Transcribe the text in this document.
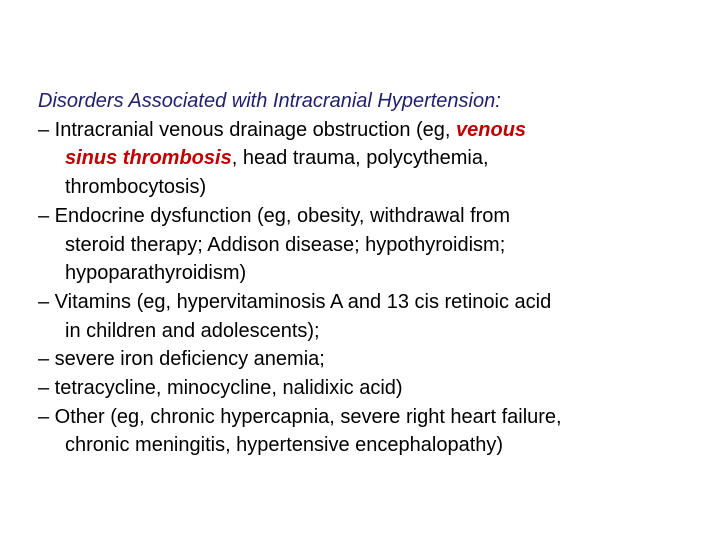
Disorders Associated with Intracranial Hypertension:
– Intracranial venous drainage obstruction (eg, venous
sinus thrombosis, head trauma, polycythemia,
thrombocytosis)
– Endocrine dysfunction (eg, obesity, withdrawal from
steroid therapy; Addison disease; hypothyroidism;
hypoparathyroidism)
– Vitamins (eg, hypervitaminosis A and 13 cis retinoic acid
in children and adolescents);
– severe iron deficiency anemia;
– tetracycline, minocycline, nalidixic acid)
– Other (eg, chronic hypercapnia, severe right heart failure,
chronic meningitis, hypertensive encephalopathy)
